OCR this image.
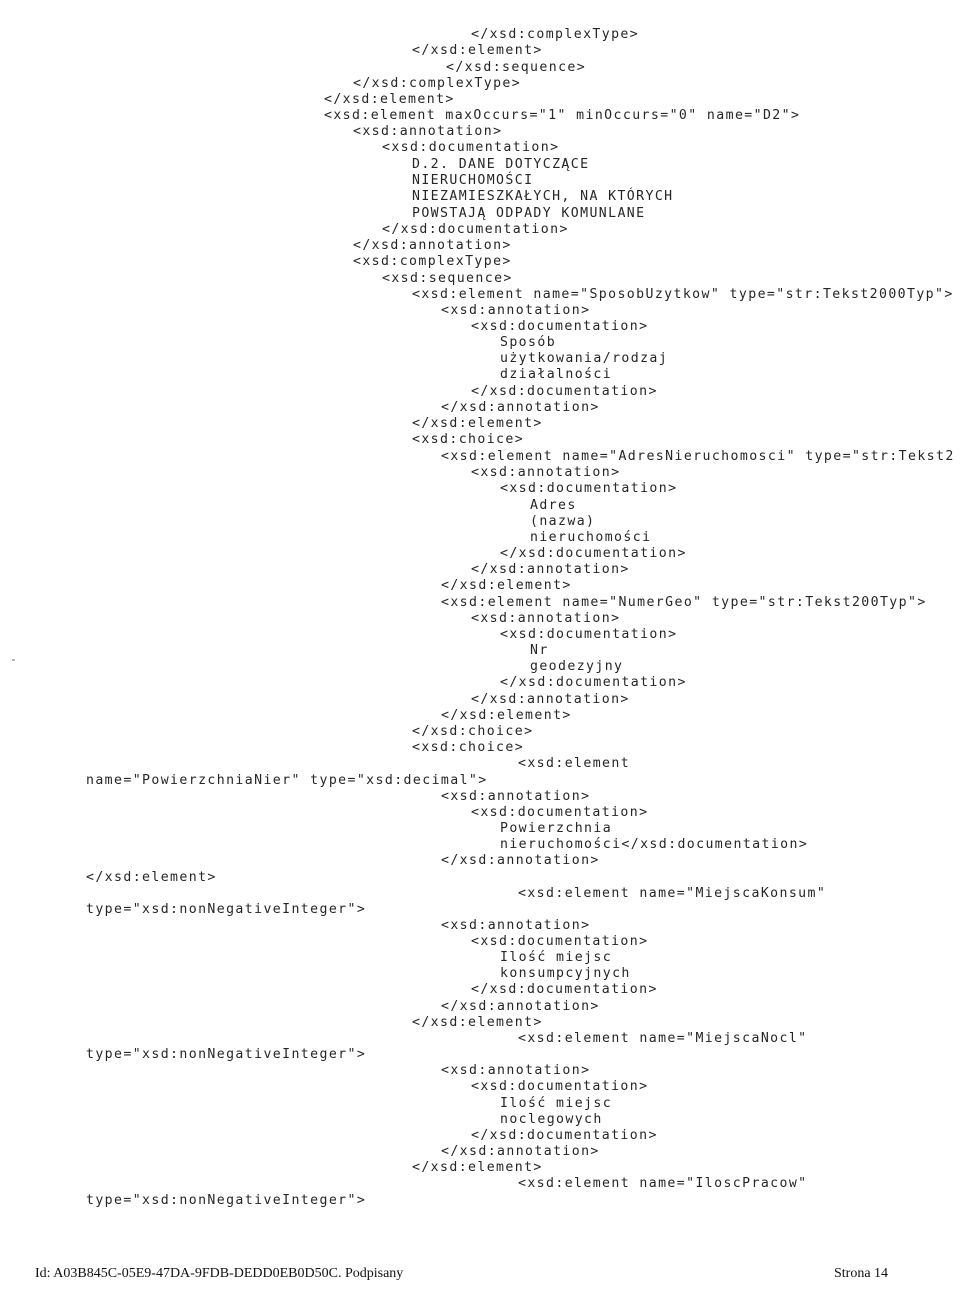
</xsd:complexType>
</xsd:element>
</xsd:sequence>
</xsd:complexType>
</xsd:element>
<xsd:element maxOccurs="1" minOccurs="0" name="D2">
<xsd:annotation>
<xsd:documentation>
D.2. DANE DOTYCZĄCE
NIERUCHOMOŚCI
NIEZAMIESZKAŁYCH, NA KTÓRYCH
POWSTAJĄ ODPADY KOMUNLANE
</xsd:documentation>
</xsd:annotation>
<xsd:complexType>
<xsd:sequence>
<xsd:element name="SposobUzytkow" type="str:Tekst2000Typ">
<xsd:annotation>
<xsd:documentation>
Sposób
użytkowania/rodzaj
działalności
</xsd:documentation>
</xsd:annotation>
</xsd:element>
<xsd:choice>
<xsd:element name="AdresNieruchomosci" type="str:Tekst2
<xsd:annotation>
<xsd:documentation>
Adres
(nazwa)
nieruchomości
</xsd:documentation>
</xsd:annotation>
</xsd:element>
<xsd:element name="NumerGeo" type="str:Tekst200Typ">
<xsd:annotation>
<xsd:documentation>
Nr
geodezyjny
</xsd:documentation>
</xsd:annotation>
</xsd:element>
</xsd:choice>
<xsd:choice>
<xsd:element
name="PowierzchniaNier" type="xsd:decimal">
<xsd:annotation>
<xsd:documentation>
Powierzchnia
nieruchomości</xsd:documentation>
</xsd:annotation>
</xsd:element>
<xsd:element name="MiejscaKonsum"
type="xsd:nonNegativeInteger">
<xsd:annotation>
<xsd:documentation>
Ilość miejsc
konsumpcyjnych
</xsd:documentation>
</xsd:annotation>
</xsd:element>
<xsd:element name="MiejscaNocl"
type="xsd:nonNegativeInteger">
<xsd:annotation>
<xsd:documentation>
Ilość miejsc
noclegowych
</xsd:documentation>
</xsd:annotation>
</xsd:element>
<xsd:element name="IloscPracow"
type="xsd:nonNegativeInteger">
Id: A03B845C-05E9-47DA-9FDB-DEDD0EB0D50C. Podpisany	Strona 14
